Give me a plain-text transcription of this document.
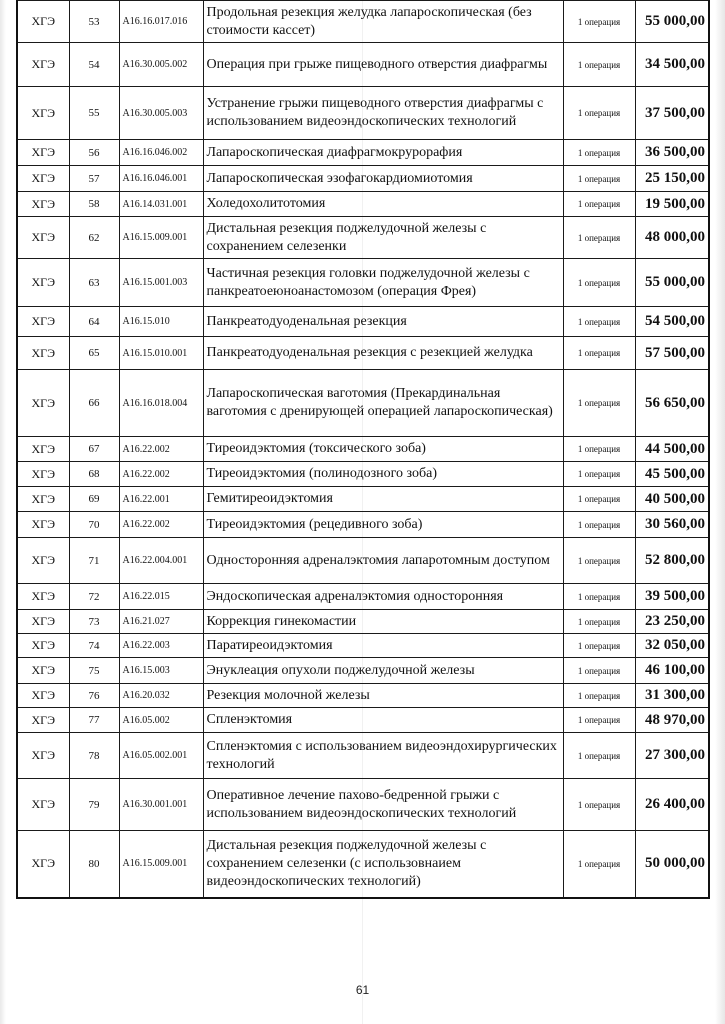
ХГЭ	53	А16.16.017.016	Продольная резекция желудка лапароскопическая (без стоимости кассет)	1 операция	55 000,00
ХГЭ	54	А16.30.005.002	Операция при грыже пищеводного отверстия диафрагмы	1 операция	34 500,00
ХГЭ	55	А16.30.005.003	Устранение грыжи пищеводного отверстия диафрагмы с использованием видеоэндоскопических технологий	1 операция	37 500,00
ХГЭ	56	А16.16.046.002	Лапароскопическая диафрагмокрурорафия	1 операция	36 500,00
ХГЭ	57	А16.16.046.001	Лапароскопическая эзофагокардиомиотомия	1 операция	25 150,00
ХГЭ	58	А16.14.031.001	Холедохолитотомия	1 операция	19 500,00
ХГЭ	62	А16.15.009.001	Дистальная резекция поджелудочной железы с сохранением селезенки	1 операция	48 000,00
ХГЭ	63	А16.15.001.003	Частичная резекция головки поджелудочной железы с панкреатоеюноанастомозом (операция Фрея)	1 операция	55 000,00
ХГЭ	64	А16.15.010	Панкреатодуоденальная резекция	1 операция	54 500,00
ХГЭ	65	А16.15.010.001	Панкреатодуоденальная резекция с резекцией желудка	1 операция	57 500,00
ХГЭ	66	А16.16.018.004	Лапароскопическая ваготомия (Прекардинальная ваготомия с дренирующей операцией лапароскопическая)	1 операция	56 650,00
ХГЭ	67	А16.22.002	Тиреоидэктомия (токсического зоба)	1 операция	44 500,00
ХГЭ	68	А16.22.002	Тиреоидэктомия (полинодозного зоба)	1 операция	45 500,00
ХГЭ	69	А16.22.001	Гемитиреоидэктомия	1 операция	40 500,00
ХГЭ	70	А16.22.002	Тиреоидэктомия (рецедивного зоба)	1 операция	30 560,00
ХГЭ	71	А16.22.004.001	Односторонняя адреналэктомия лапаротомным доступом	1 операция	52 800,00
ХГЭ	72	А16.22.015	Эндоскопическая адреналэктомия односторонняя	1 операция	39 500,00
ХГЭ	73	А16.21.027	Коррекция гинекомастии	1 операция	23 250,00
ХГЭ	74	А16.22.003	Паратиреоидэктомия	1 операция	32 050,00
ХГЭ	75	А16.15.003	Энуклеация опухоли поджелудочной железы	1 операция	46 100,00
ХГЭ	76	А16.20.032	Резекция молочной железы	1 операция	31 300,00
ХГЭ	77	А16.05.002	Спленэктомия	1 операция	48 970,00
ХГЭ	78	А16.05.002.001	Спленэктомия с использованием видеоэндохирургических технологий	1 операция	27 300,00
ХГЭ	79	А16.30.001.001	Оперативное лечение пахово-бедренной грыжи с использованием видеоэндоскопических технологий	1 операция	26 400,00
ХГЭ	80	А16.15.009.001	Дистальная резекция поджелудочной железы с сохранением селезенки (с использовнаием видеоэндоскопических технологий)	1 операция	50 000,00
61
